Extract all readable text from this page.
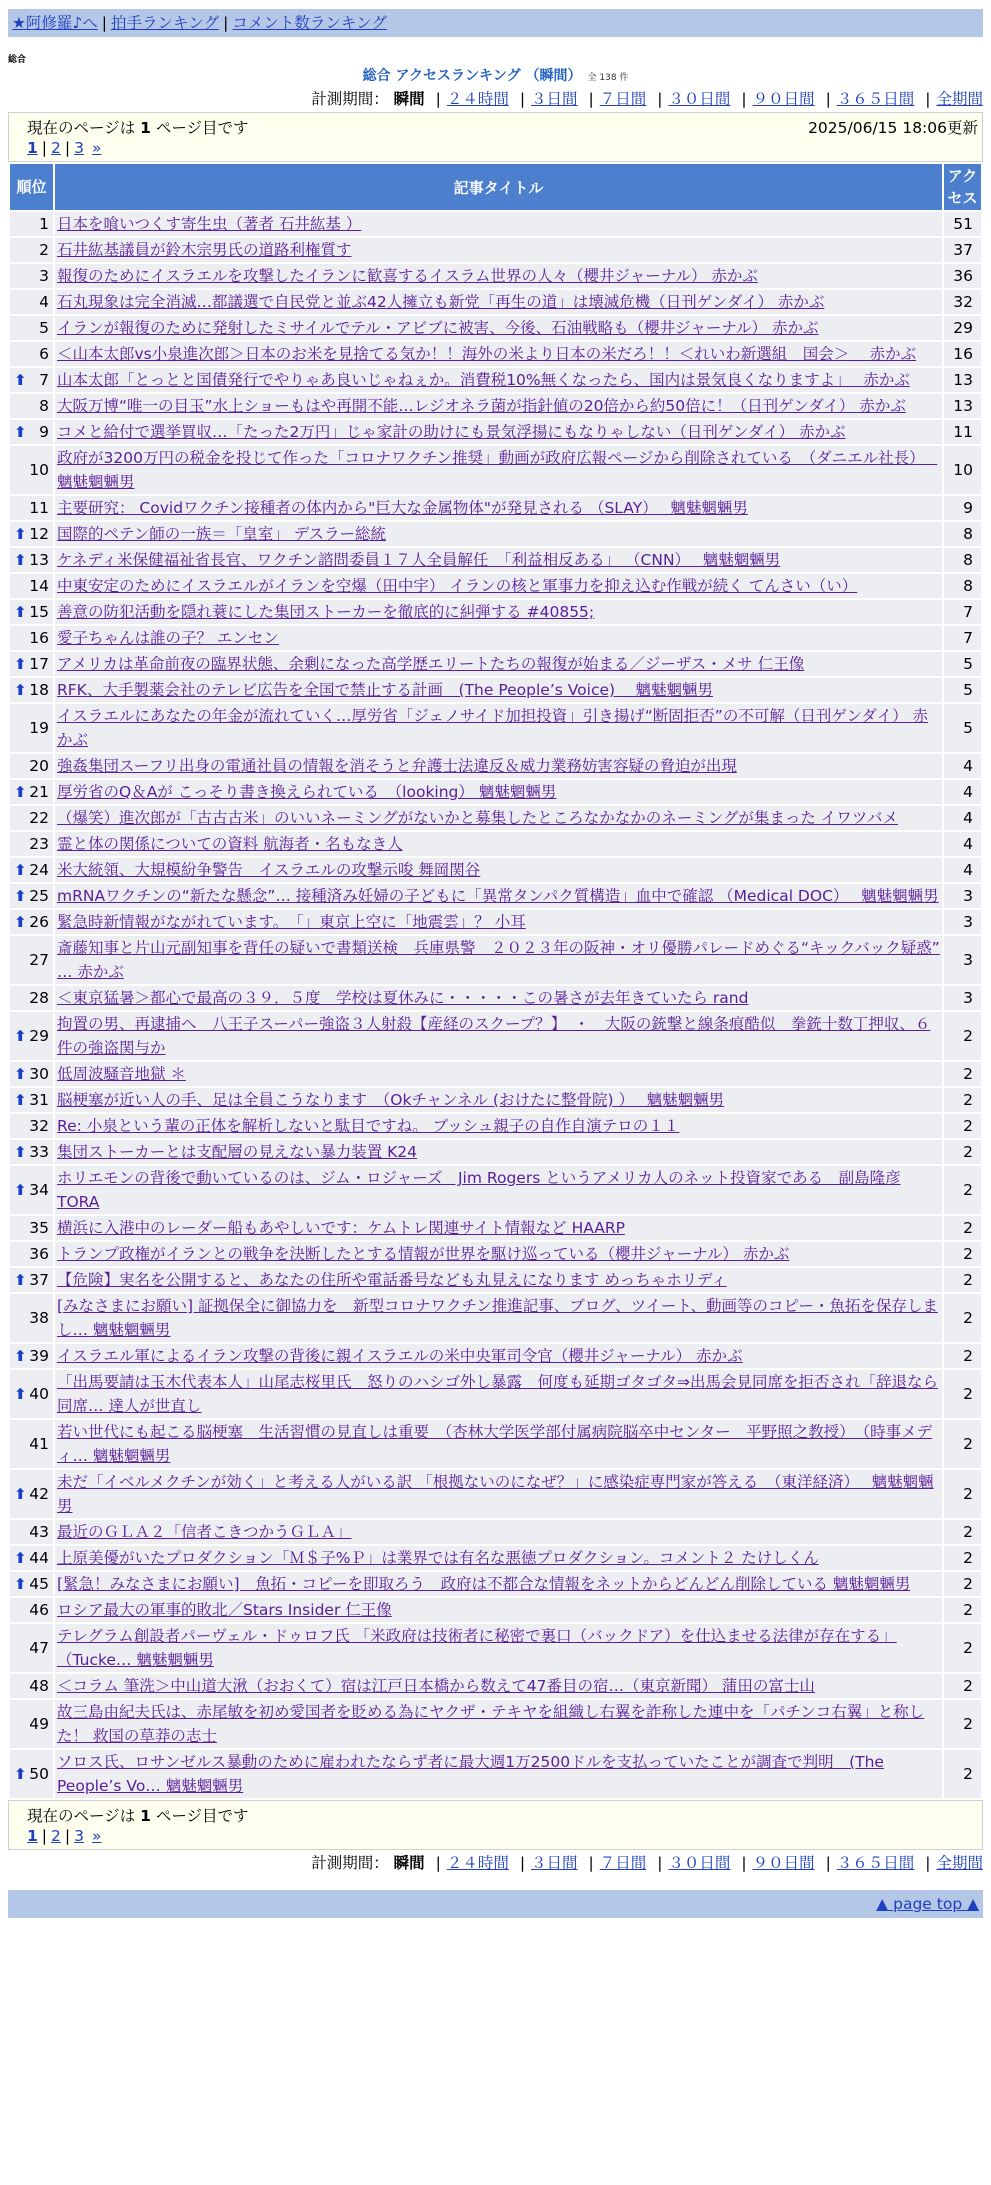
★阿修羅♪へ | 拍手ランキング | コメント数ランキング
総合
総合 アクセスランキング （瞬間） 全 138 件
計測期間： 瞬間 | ２４時間 | ３日間 | ７日間 | ３０日間 | ９０日間 | ３６５日間 | 全期間
現在のページは 1 ページ目です	2025/06/15 18:06更新
1 | 2 | 3 »
順位	記事タイトル	アクセス
1	日本を喰いつくす寄生虫（著者 石井紘基 ）	51
2	石井紘基議員が鈴木宗男氏の道路利権質す	37
3	報復のためにイスラエルを攻撃したイランに歓喜するイスラム世界の人々（櫻井ジャーナル） 赤かぶ	36
4	石丸現象は完全消滅…都議選で自民党と並ぶ42人擁立も新党「再生の道」は壊滅危機（日刊ゲンダイ） 赤かぶ	32
5	イランが報復のために発射したミサイルでテル・アビブに被害、今後、石油戦略も（櫻井ジャーナル） 赤かぶ	29
6	＜山本太郎vs小泉進次郎＞日本のお米を見捨てる気か！！海外の米より日本の米だろ！！＜れいわ新選組　国会＞　 赤かぶ	16

⬆ 7	山本太郎「とっとと国債発行でやりゃあ良いじゃねぇか。消費税10%無くなったら、国内は景気良くなりますよ」　 赤かぶ	13
8	大阪万博“唯一の目玉”水上ショーもはや再開不能…レジオネラ菌が指針値の20倍から約50倍に！（日刊ゲンダイ） 赤かぶ	13

⬆ 9	コメと給付で選挙買収…「たった2万円」じゃ家計の助けにも景気浮揚にもなりゃしない（日刊ゲンダイ） 赤かぶ	11
10	政府が3200万円の税金を投じて作った「コロナワクチン推奨」動画が政府広報ページから削除されている　（ダニエル社長）　 魑魅魍魎男	10
11	主要研究： Covidワクチン接種者の体内から"巨大な金属物体"が発見される （SLAY）　 魑魅魍魎男	9

⬆ 12	国際的ペテン師の一族＝「皇室」 デスラー総統	8

⬆ 13	ケネディ米保健福祉省長官、ワクチン諮問委員１７人全員解任　「利益相反ある」 （CNN）　 魑魅魍魎男	8
14	中東安定のためにイスラエルがイランを空爆（田中宇） イランの核と軍事力を抑え込む作戦が続く てんさい（い）	8

⬆ 15	善意の防犯活動を隠れ蓑にした集団ストーカーを徹底的に糾弾する #40855;	7
16	愛子ちゃんは誰の子？ エンセン	7

⬆ 17	アメリカは革命前夜の臨界状態、余剰になった高学歴エリートたちの報復が始まる／ジーザス・メサ 仁王像	5

⬆ 18	RFK、大手製薬会社のテレビ広告を全国で禁止する計画　(The People’s Voice)　 魑魅魍魎男	5
19	イスラエルにあなたの年金が流れていく…厚労省「ジェノサイド加担投資」引き揚げ“断固拒否”の不可解（日刊ゲンダイ） 赤かぶ	5
20	強姦集団スーフリ出身の電通社員の情報を消そうと弁護士法違反＆威力業務妨害容疑の脅迫が出現	4

⬆ 21	厚労省のQ＆Aが こっそり書き換えられている　（looking） 魑魅魍魎男	4
22	（爆笑）進次郎が「古古古米」のいいネーミングがないかと募集したところなかなかのネーミングが集まった イワツバメ	4
23	霊と体の関係についての資料 航海者・名もなき人	4

⬆ 24	米大統領、大規模紛争警告　イスラエルの攻撃示唆 舞岡関谷	4

⬆ 25	mRNAワクチンの“新たな懸念”… 接種済み妊婦の子どもに「異常タンパク質構造」血中で確認 （Medical DOC）　 魑魅魍魎男	3

⬆ 26	緊急時新情報がながれています。　「」東京上空に「地震雲」？ 小耳	3
27	斎藤知事と片山元副知事を背任の疑いで書類送検　兵庫県警　２０２３年の阪神・オリ優勝パレードめぐる“キックバック疑惑” … 赤かぶ	3
28	＜東京猛暑＞都心で最高の３９．５度　学校は夏休みに・・・・・この暑さが去年きていたら rand	3

⬆ 29	拘置の男、再逮捕へ　八王子スーパー強盗３人射殺【産経のスクープ？】　・　大阪の銃撃と線条痕酷似　拳銃十数丁押収、６件の強盗関与か	2

⬆ 30	低周波騒音地獄 ＊	2

⬆ 31	脳梗塞が近い人の手、足は全員こうなります　（Okチャンネル (おけたに整骨院) ）　 魑魅魍魎男	2
32	Re: 小泉という輩の正体を解析しないと駄目ですね。 ブッシュ親子の自作自演テロの１１	2

⬆ 33	集団ストーカーとは支配層の見えない暴力装置 K24	2

⬆ 34	ホリエモンの背後で動いているのは、ジム・ロジャーズ　Jim Rogers というアメリカ人のネット投資家である　副島隆彦 TORA	2
35	横浜に入港中のレーダー船もあやしいです：ケムトレ関連サイト情報など HAARP	2
36	トランプ政権がイランとの戦争を決断したとする情報が世界を駆け巡っている（櫻井ジャーナル） 赤かぶ	2

⬆ 37	【危険】実名を公開すると、あなたの住所や電話番号なども丸見えになります めっちゃホリディ	2
38	[みなさまにお願い] 証拠保全に御協力を　新型コロナワクチン推進記事、ブログ、ツイート、動画等のコピー・魚拓を保存しまし… 魑魅魍魎男	2

⬆ 39	イスラエル軍によるイラン攻撃の背後に親イスラエルの米中央軍司令官（櫻井ジャーナル） 赤かぶ	2

⬆ 40	「出馬要請は玉木代表本人」山尾志桜里氏　怒りのハシゴ外し暴露　何度も延期ゴタゴタ⇒出馬会見同席を拒否され「辞退なら同席… 達人が世直し	2
41	若い世代にも起こる脳梗塞　生活習慣の見直しは重要　（杏林大学医学部付属病院脳卒中センター　平野照之教授）　（時事メディ… 魑魅魍魎男	2

⬆ 42	未だ「イベルメクチンが効く」と考える人がいる訳 「根拠ないのになぜ？」に感染症専門家が答える　（東洋経済）　 魑魅魍魎男	2
43	最近のＧＬＡ２「信者こきつかうＧＬＡ」	2

⬆ 44	上原美優がいたプロダクション「Ｍ＄子%Ｐ」は業界では有名な悪徳プロダクション。コメント２ たけしくん	2

⬆ 45	[緊急！みなさまにお願い]　魚拓・コピーを即取ろう　政府は不都合な情報をネットからどんどん削除している 魑魅魍魎男	2
46	ロシア最大の軍事的敗北／Stars Insider 仁王像	2
47	テレグラム創設者パーヴェル・ドゥロフ氏 「米政府は技術者に秘密で裏口（バックドア）を仕込ませる法律が存在する」（Tucke… 魑魅魍魎男	2
48	＜コラム 筆洗＞中山道大湫（おおくて）宿は江戸日本橋から数えて47番目の宿…（東京新聞） 蒲田の富士山	2
49	故三島由紀夫氏は、赤尾敏を初め愛国者を貶める為にヤクザ・テキヤを組織し右翼を詐称した連中を「パチンコ右翼」と称した！ 救国の草莽の志士	2

⬆ 50	ソロス氏、ロサンゼルス暴動のために雇われたならず者に最大週1万2500ドルを支払っていたことが調査で判明　(The People’s Vo… 魑魅魍魎男	2
現在のページは 1 ページ目です
1 | 2 | 3 »
計測期間： 瞬間 | ２４時間 | ３日間 | ７日間 | ３０日間 | ９０日間 | ３６５日間 | 全期間
▲ page top ▲
